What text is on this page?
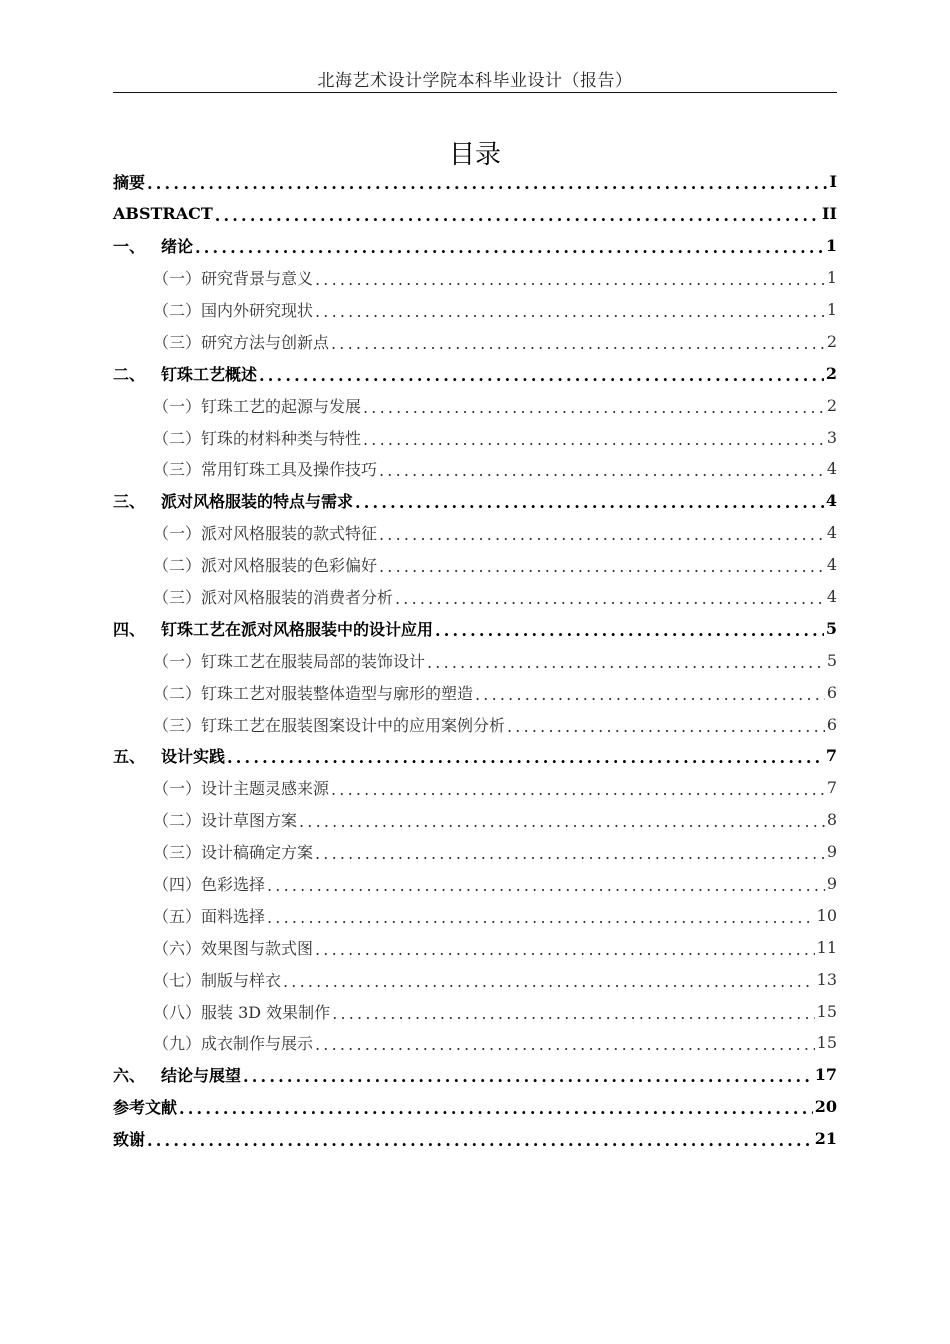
北海艺术设计学院本科毕业设计（报告）
目录
摘要 .....	I
ABSTRACT .....	II
一、 绪论 .....	1
（一）研究背景与意义 .....	1
（二）国内外研究现状 .....	1
（三）研究方法与创新点 .....	2
二、 钉珠工艺概述 .....	2
（一）钉珠工艺的起源与发展 .....	2
（二）钉珠的材料种类与特性 .....	3
（三）常用钉珠工具及操作技巧 .....	4
三、 派对风格服装的特点与需求 .....	4
（一）派对风格服装的款式特征 .....	4
（二）派对风格服装的色彩偏好 .....	4
（三）派对风格服装的消费者分析 .....	4
四、 钉珠工艺在派对风格服装中的设计应用 .....	5
（一）钉珠工艺在服装局部的装饰设计 .....	5
（二）钉珠工艺对服装整体造型与廓形的塑造 .....	6
（三）钉珠工艺在服装图案设计中的应用案例分析 .....	6
五、 设计实践 .....	7
（一）设计主题灵感来源 .....	7
（二）设计草图方案 .....	8
（三）设计稿确定方案 .....	9
（四）色彩选择 .....	9
（五）面料选择 .....	10
（六）效果图与款式图 .....	11
（七）制版与样衣 .....	13
（八）服装 3D 效果制作 .....	15
（九）成衣制作与展示 .....	15
六、 结论与展望 .....	17
参考文献 .....	20
致谢 .....	21
